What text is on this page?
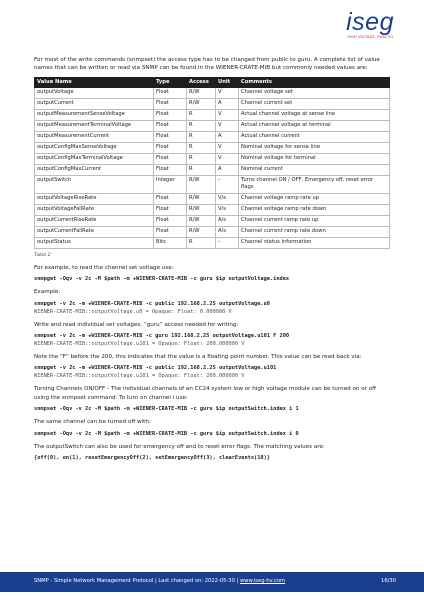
iseg
HIGH VOLTAGE. EXACTLY.

For most of the write commands (snmpset) the access type has to be changed from public to guru. A complete list of value names that can be written or read via SNMP can be found in the WIENER-CRATE-MIB but commonly needed values are:

Value Name	Type	Access	Unit	Comments
outputVoltage	Float	R/W	V	Channel voltage set
outputCurrent	Float	R/W	A	Channel current set
outputMeasurementSenseVoltage	Float	R	V	Actual channel voltage at sense line
outputMeasurementTerminalVoltage	Float	R	V	Actual channel voltage at terminal
outputMeasurementCurrent	Float	R	A	Actual channel current
outputConfigMaxSenseVoltage	Float	R	V	Nominal voltage for sense line
outputConfigMaxTerminalVoltage	Float	R	V	Nominal voltage for terminal
outputConfigMaxCurrent	Float	R	A	Nominal current
outputSwitch	Integer	R/W	–	Turns channel ON / OFF, Emergency off, reset error flags
outputVoltageRiseRate	Float	R/W	V/s	Channel voltage ramp rate up
outputVoltageFallRate	Float	R/W	V/s	Channel voltage ramp rate down
outputCurrentRiseRate	Float	R/W	A/s	Channel current ramp rate up
outputCurrentFallRate	Float	R/W	A/s	Channel current ramp rate down
outputStatus	Bits	R	–	Channel status information
Table 2
For example, to read the channel set voltage use:
snmpget -Oqv -v 2c -M $path -m +WIENER-CRATE-MIB -c guru $ip outputVoltage.index
Example:
snmpget -v 2c -m +WIENER-CRATE-MIB -c public 192.168.2.25 outputVoltage.u0
WIENER-CRATE-MIB::outputVoltage.u0 = Opaque: Float: 0.000000 V
Write and read individual set voltages, “guru” access needed for writing:
snmpset -v 2c -m +WIENER-CRATE-MIB -c guru 192.168.2.25 outputVoltage.u101 F 200
WIENER-CRATE-MIB::outputVoltage.u101 = Opaque: Float: 200.000000 V
Note the “F” before the 200, this indicates that the value is a floating point number. This value can be read back via:
snmpget -v 2c -m +WIENER-CRATE-MIB -c public 192.168.2.25 outputVoltage.u101
WIENER-CRATE-MIB::outputVoltage.u101 = Opaque: Float: 200.000000 V
Turning Channels ON/OFF - The individual channels of an CC24 system low or high voltage module can be turned on or off using the snmpset command. To turn on channel i use:
snmpset -Oqv -v 2c -M $path -m +WIENER-CRATE-MIB -c guru $ip outputSwitch.index i 1
The same channel can be turned off with:
snmpset -Oqv -v 2c -M $path -m +WIENER-CRATE-MIB -c guru $ip outputSwitch.index i 0
The outputSwitch can also be used for emergency off and to reset error flags. The matching values are:
{off(0), on(1), resetEmergencyOff(2), setEmergencyOff(3), clearEvents(10)}
SNMP - Simple Network Management Protocol | Last changed on: 2022-05-30 | www.iseg-hv.com	16/30
